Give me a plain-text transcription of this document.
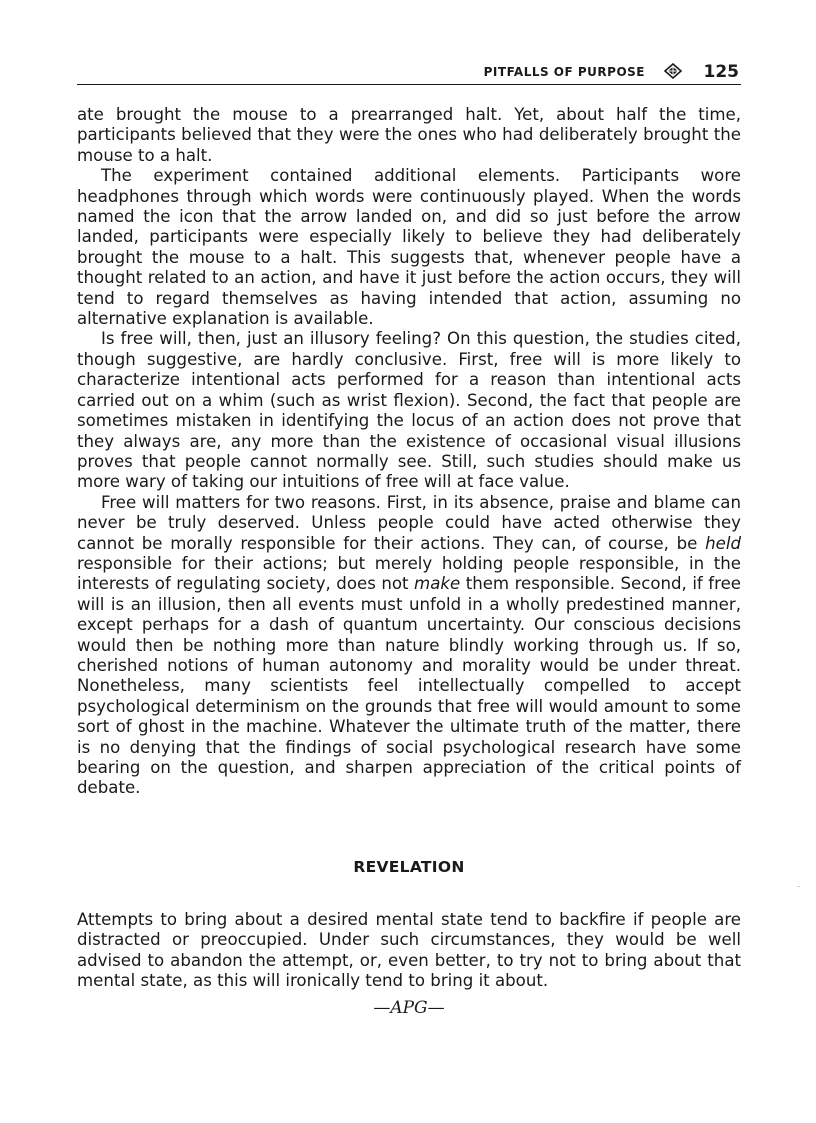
PITFALLS OF PURPOSE	125

ate brought the mouse to a prearranged halt. Yet, about half the time, participants believed that they were the ones who had deliberately brought the mouse to a halt.

The experiment contained additional elements. Participants wore headphones through which words were continuously played. When the words named the icon that the arrow landed on, and did so just before the arrow landed, participants were especially likely to believe they had deliberately brought the mouse to a halt. This suggests that, whenever people have a thought related to an action, and have it just before the action occurs, they will tend to regard themselves as having intended that action, assuming no alternative explanation is available.

Is free will, then, just an illusory feeling? On this question, the studies cited, though suggestive, are hardly conclusive. First, free will is more likely to characterize intentional acts performed for a reason than intentional acts carried out on a whim (such as wrist flexion). Second, the fact that people are sometimes mistaken in identifying the locus of an action does not prove that they always are, any more than the existence of occasional visual illusions proves that people cannot normally see. Still, such studies should make us more wary of taking our intuitions of free will at face value.

Free will matters for two reasons. First, in its absence, praise and blame can never be truly deserved. Unless people could have acted otherwise they cannot be morally responsible for their actions. They can, of course, be held responsible for their actions; but merely holding people responsible, in the interests of regulating society, does not make them responsible. Second, if free will is an illusion, then all events must unfold in a wholly predestined manner, except perhaps for a dash of quantum uncertainty. Our conscious decisions would then be nothing more than nature blindly working through us. If so, cherished notions of human autonomy and morality would be under threat. Nonetheless, many scientists feel intellectually compelled to accept psychological determinism on the grounds that free will would amount to some sort of ghost in the machine. Whatever the ultimate truth of the matter, there is no denying that the findings of social psychological research have some bearing on the question, and sharpen appreciation of the critical points of debate.

REVELATION

Attempts to bring about a desired mental state tend to backfire if people are distracted or preoccupied. Under such circumstances, they would be well advised to abandon the attempt, or, even better, to try not to bring about that mental state, as this will ironically tend to bring it about.

—APG—
